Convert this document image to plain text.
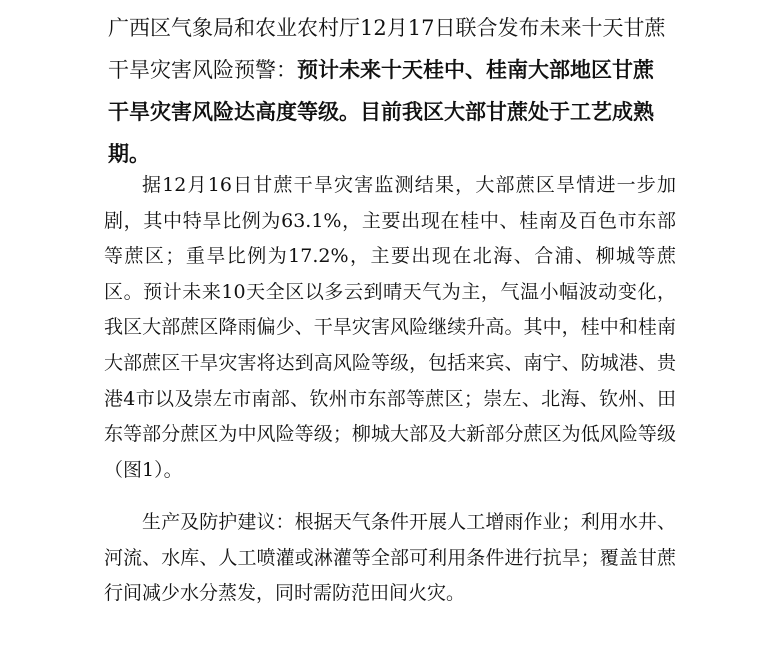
广西区气象局和农业农村厅12月17日联合发布未来十天甘蔗干旱灾害风险预警：预计未来十天桂中、桂南大部地区甘蔗干旱灾害风险达高度等级。目前我区大部甘蔗处于工艺成熟期。

据12月16日甘蔗干旱灾害监测结果，大部蔗区旱情进一步加剧，其中特旱比例为63.1%，主要出现在桂中、桂南及百色市东部等蔗区；重旱比例为17.2%，主要出现在北海、合浦、柳城等蔗区。预计未来10天全区以多云到晴天气为主，气温小幅波动变化，我区大部蔗区降雨偏少、干旱灾害风险继续升高。其中，桂中和桂南大部蔗区干旱灾害将达到高风险等级，包括来宾、南宁、防城港、贵港4市以及崇左市南部、钦州市东部等蔗区；崇左、北海、钦州、田东等部分蔗区为中风险等级；柳城大部及大新部分蔗区为低风险等级（图1）。

生产及防护建议：根据天气条件开展人工增雨作业；利用水井、河流、水库、人工喷灌或淋灌等全部可利用条件进行抗旱；覆盖甘蔗行间减少水分蒸发，同时需防范田间火灾。
